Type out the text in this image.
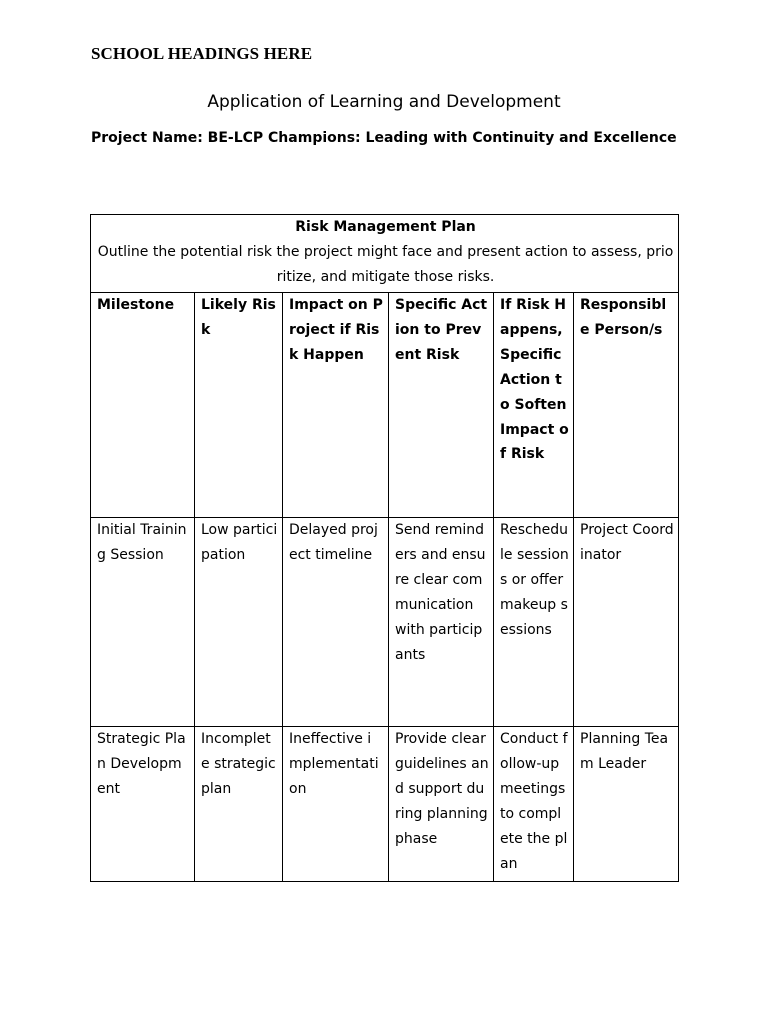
SCHOOL HEADINGS HERE

Application of Learning and Development

Project Name: BE-LCP Champions: Leading with Continuity and Excellence

Risk Management Plan
Outline the potential risk the project might face and present action to assess, prioritize, and mitigate those risks.					

Milestone	Likely Risk	Impact on Project if Risk Happen	Specific Action to Prevent Risk	If Risk Happens, Specific Action to Soften Impact of Risk	Responsible Person/s
Initial Training Session	Low participation	Delayed project timeline	Send reminders and ensure clear communication with participants	Reschedule sessions or offer makeup sessions	Project Coordinator
Strategic Plan Development	Incomplete strategic plan	Ineffective implementation	Provide clear guidelines and support during planning phase	Conduct follow-up meetings to complete the plan	Planning Team Leader
